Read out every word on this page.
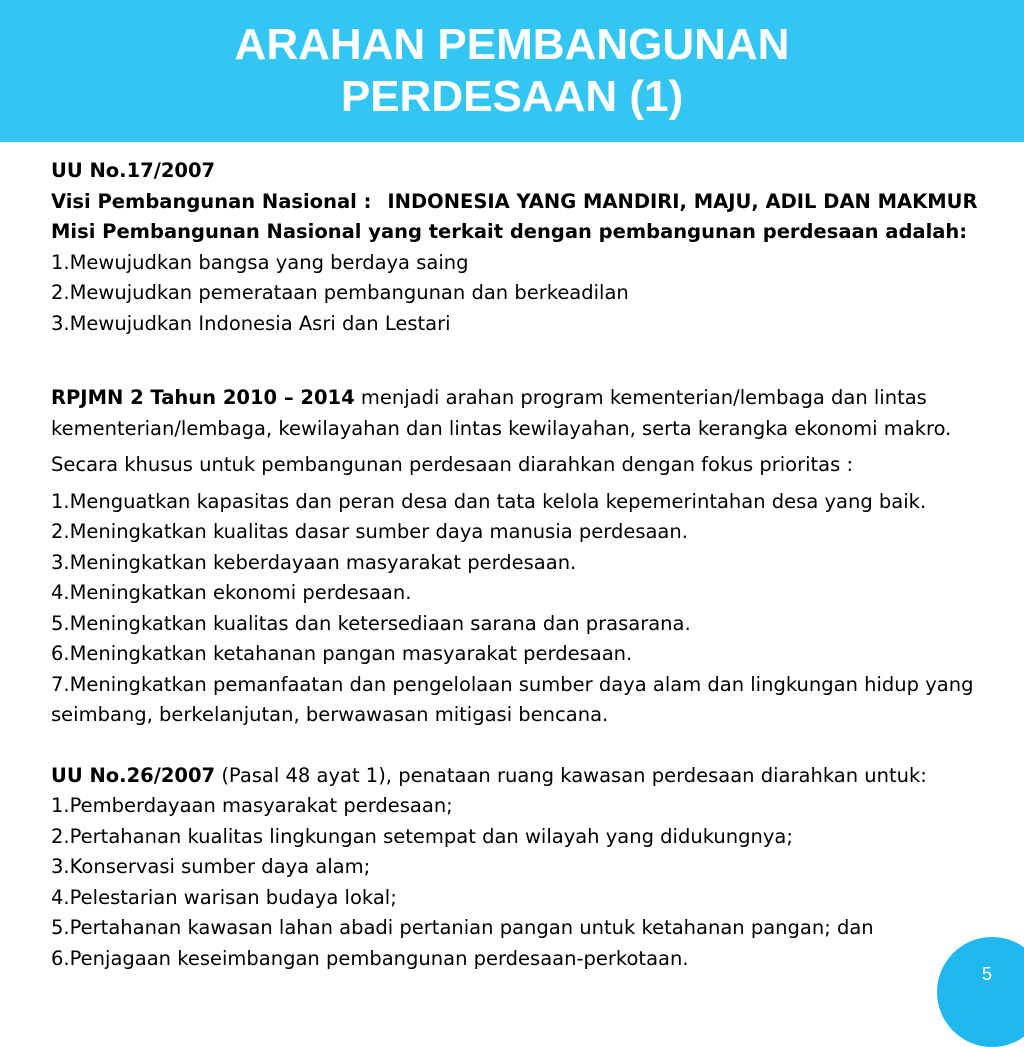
ARAHAN PEMBANGUNAN
PERDESAAN (1)

UU No.17/2007

Visi Pembangunan Nasional : INDONESIA YANG MANDIRI, MAJU, ADIL DAN MAKMUR

Misi Pembangunan Nasional yang terkait dengan pembangunan perdesaan adalah:

1.Mewujudkan bangsa yang berdaya saing

2.Mewujudkan pemerataan pembangunan dan berkeadilan

3.Mewujudkan Indonesia Asri dan Lestari

RPJMN 2 Tahun 2010 – 2014 menjadi arahan program kementerian/lembaga dan lintas

kementerian/lembaga, kewilayahan dan lintas kewilayahan, serta kerangka ekonomi makro.

Secara khusus untuk pembangunan perdesaan diarahkan dengan fokus prioritas :

1.Menguatkan kapasitas dan peran desa dan tata kelola kepemerintahan desa yang baik.

2.Meningkatkan kualitas dasar sumber daya manusia perdesaan.

3.Meningkatkan keberdayaan masyarakat perdesaan.

4.Meningkatkan ekonomi perdesaan.

5.Meningkatkan kualitas dan ketersediaan sarana dan prasarana.

6.Meningkatkan ketahanan pangan masyarakat perdesaan.

7.Meningkatkan pemanfaatan dan pengelolaan sumber daya alam dan lingkungan hidup yang

seimbang, berkelanjutan, berwawasan mitigasi bencana.

UU No.26/2007 (Pasal 48 ayat 1), penataan ruang kawasan perdesaan diarahkan untuk:

1.Pemberdayaan masyarakat perdesaan;

2.Pertahanan kualitas lingkungan setempat dan wilayah yang didukungnya;

3.Konservasi sumber daya alam;

4.Pelestarian warisan budaya lokal;

5.Pertahanan kawasan lahan abadi pertanian pangan untuk ketahanan pangan; dan

6.Penjagaan keseimbangan pembangunan perdesaan-perkotaan.

5
